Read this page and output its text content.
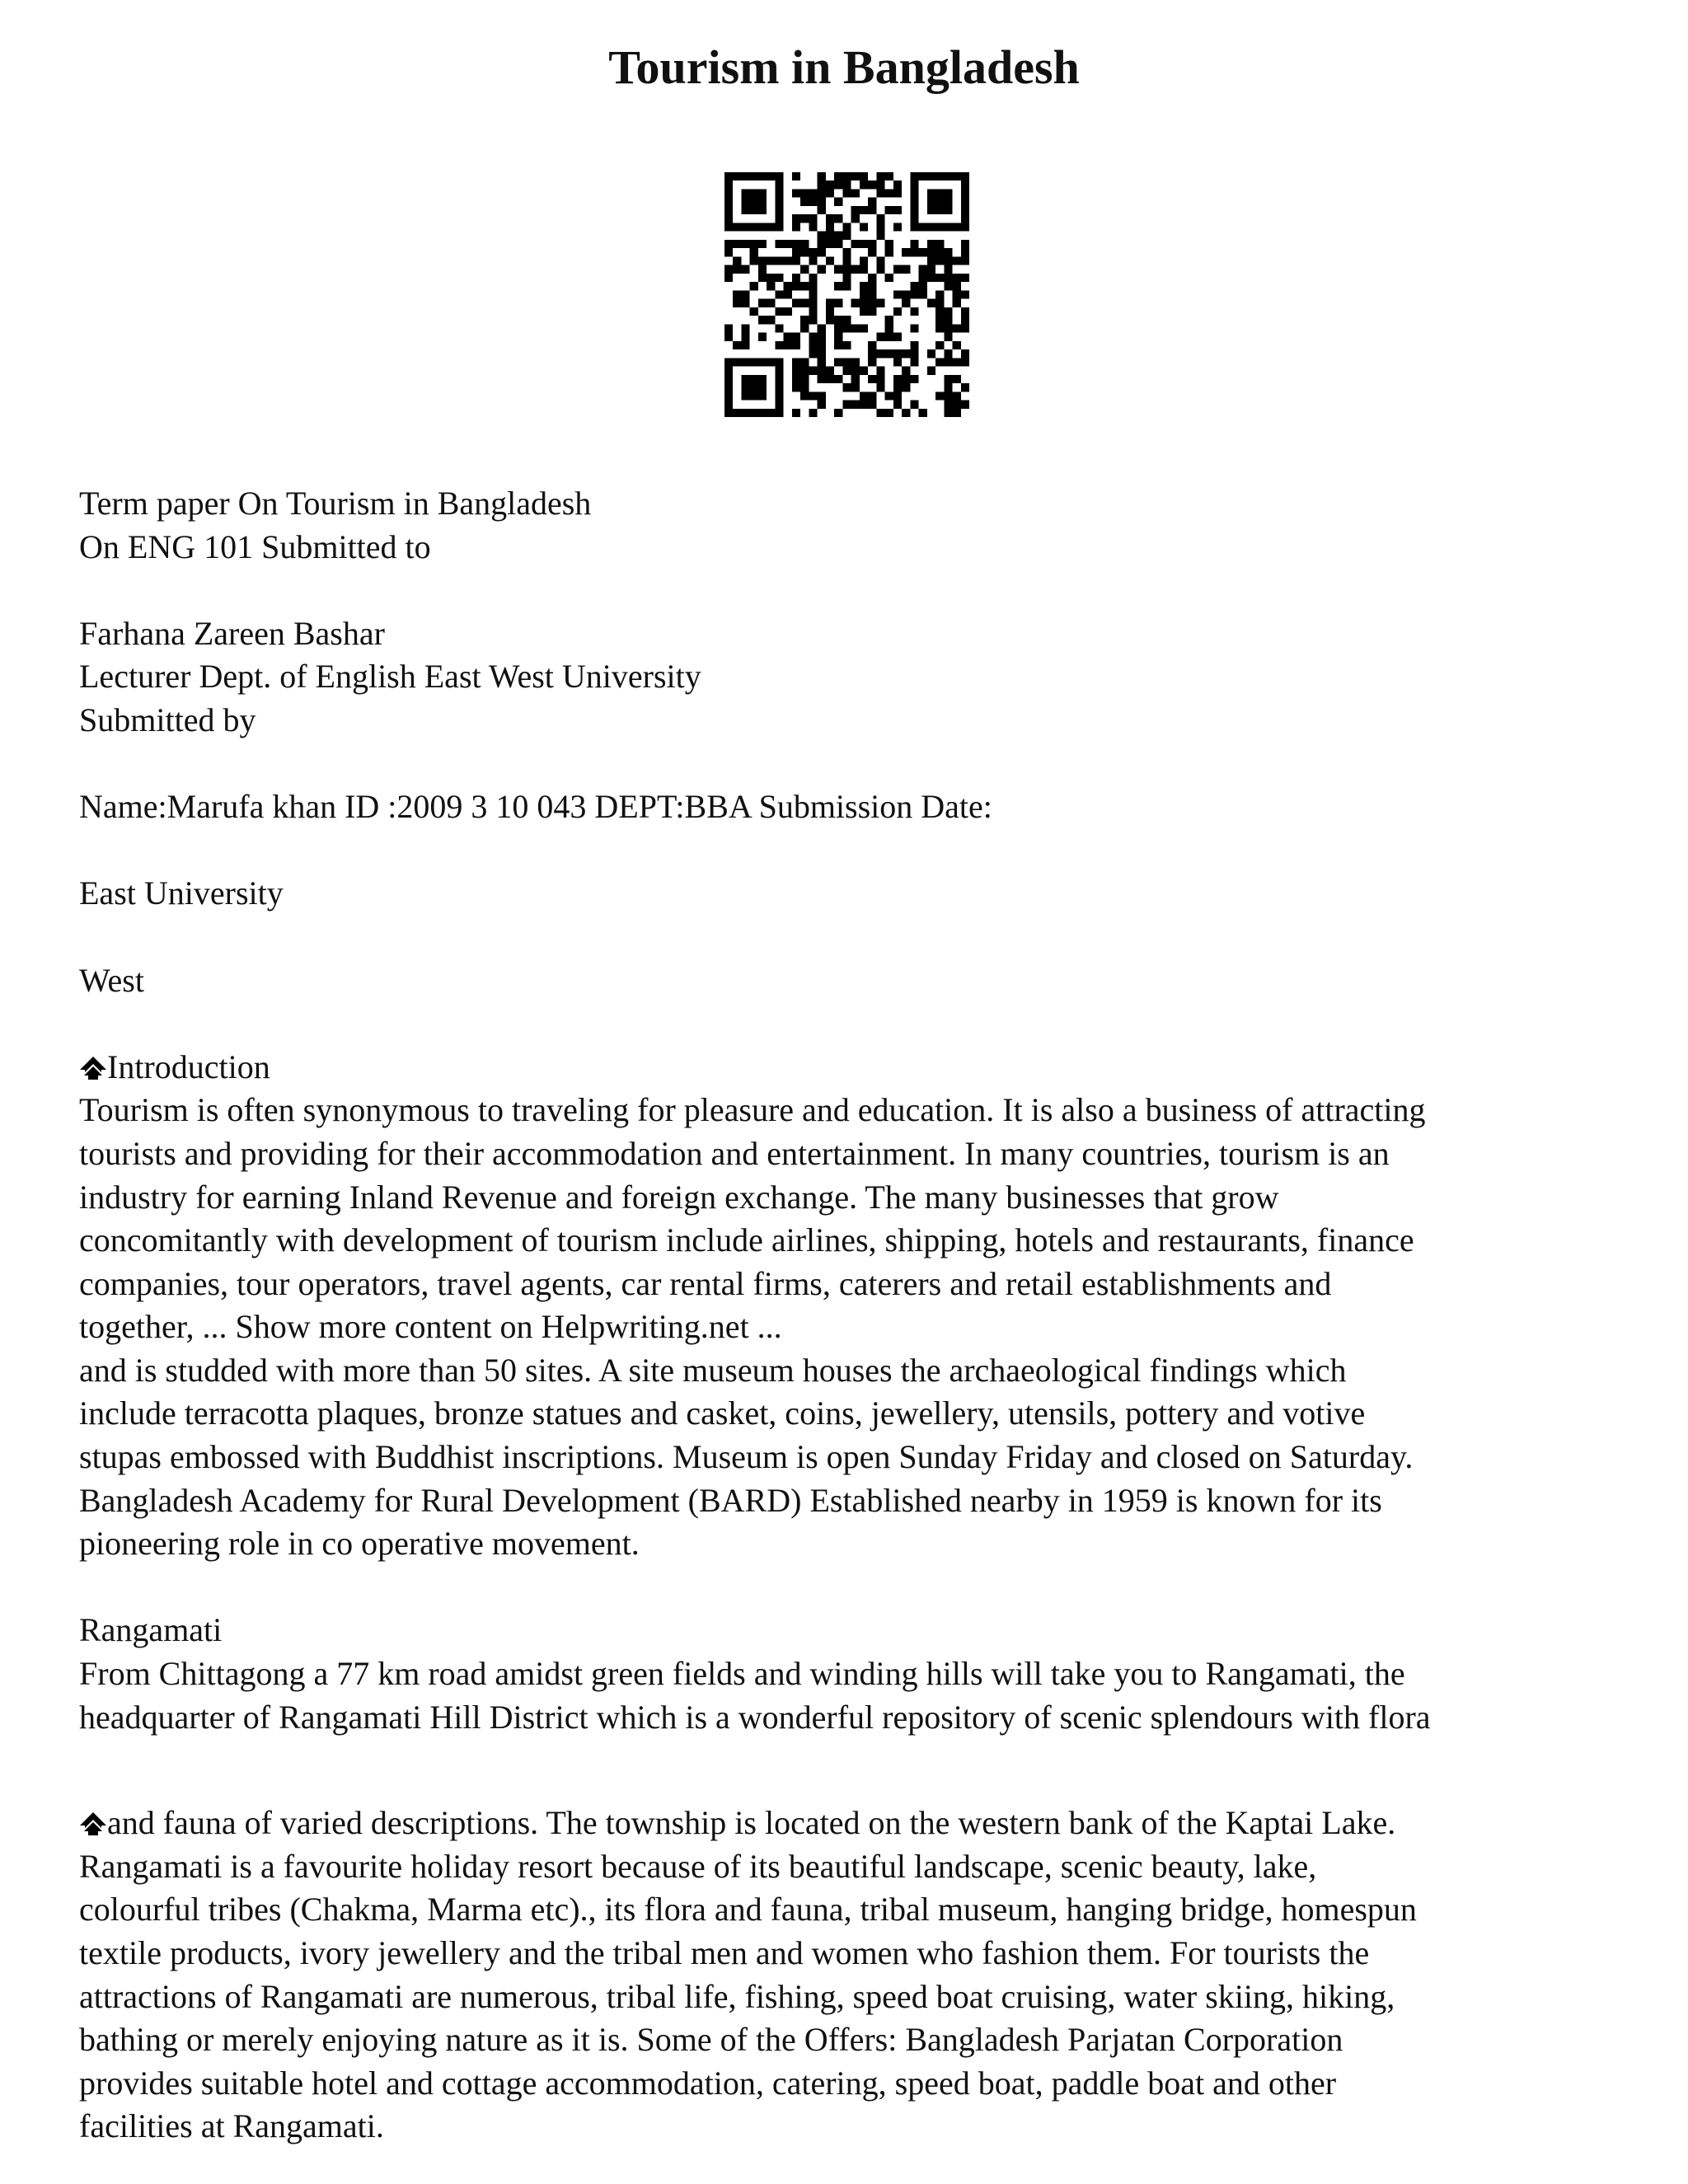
Tourism in Bangladesh
Term paper On Tourism in Bangladesh
On ENG 101 Submitted to
Farhana Zareen Bashar
Lecturer Dept. of English East West University
Submitted by
Name:Marufa khan ID :2009 3 10 043 DEPT:BBA Submission Date:
East University
West
Introduction
Tourism is often synonymous to traveling for pleasure and education. It is also a business of attracting
tourists and providing for their accommodation and entertainment. In many countries, tourism is an
industry for earning Inland Revenue and foreign exchange. The many businesses that grow
concomitantly with development of tourism include airlines, shipping, hotels and restaurants, finance
companies, tour operators, travel agents, car rental firms, caterers and retail establishments and
together, ... Show more content on Helpwriting.net ...
and is studded with more than 50 sites. A site museum houses the archaeological findings which
include terracotta plaques, bronze statues and casket, coins, jewellery, utensils, pottery and votive
stupas embossed with Buddhist inscriptions. Museum is open Sunday Friday and closed on Saturday.
Bangladesh Academy for Rural Development (BARD) Established nearby in 1959 is known for its
pioneering role in co operative movement.
Rangamati
From Chittagong a 77 km road amidst green fields and winding hills will take you to Rangamati, the
headquarter of Rangamati Hill District which is a wonderful repository of scenic splendours with flora
and fauna of varied descriptions. The township is located on the western bank of the Kaptai Lake.
Rangamati is a favourite holiday resort because of its beautiful landscape, scenic beauty, lake,
colourful tribes (Chakma, Marma etc)., its flora and fauna, tribal museum, hanging bridge, homespun
textile products, ivory jewellery and the tribal men and women who fashion them. For tourists the
attractions of Rangamati are numerous, tribal life, fishing, speed boat cruising, water skiing, hiking,
bathing or merely enjoying nature as it is. Some of the Offers: Bangladesh Parjatan Corporation
provides suitable hotel and cottage accommodation, catering, speed boat, paddle boat and other
facilities at Rangamati.
